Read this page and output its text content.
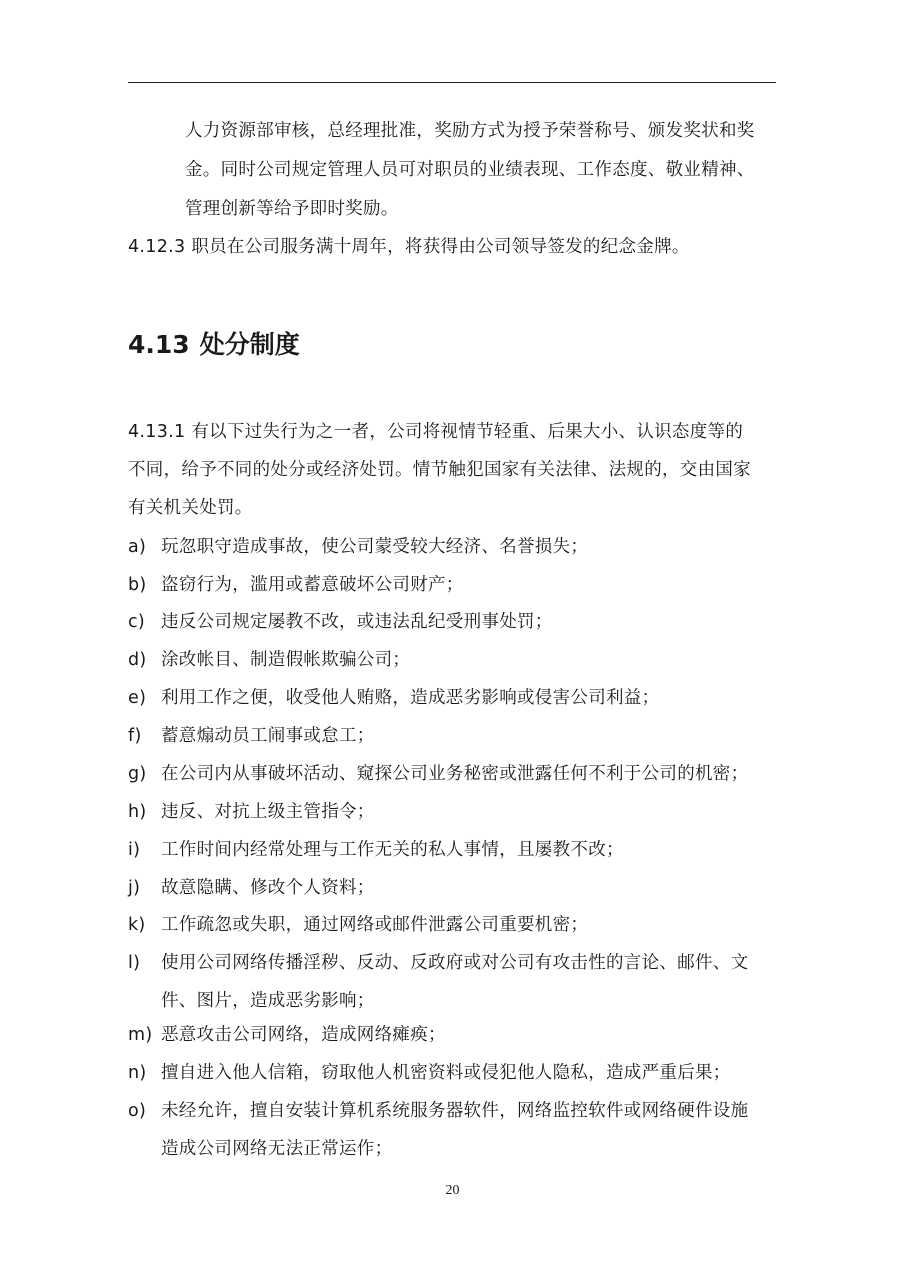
人力资源部审核，总经理批准，奖励方式为授予荣誉称号、颁发奖状和奖
金。同时公司规定管理人员可对职员的业绩表现、工作态度、敬业精神、
管理创新等给予即时奖励。
4.12.3 职员在公司服务满十周年，将获得由公司领导签发的纪念金牌。
4.13 处分制度
4.13.1 有以下过失行为之一者，公司将视情节轻重、后果大小、认识态度等的
不同，给予不同的处分或经济处罚。情节触犯国家有关法律、法规的，交由国家
有关机关处罚。
a) 玩忽职守造成事故，使公司蒙受较大经济、名誉损失；
b) 盗窃行为，滥用或蓄意破坏公司财产；
c) 违反公司规定屡教不改，或违法乱纪受刑事处罚；
d) 涂改帐目、制造假帐欺骗公司；
e) 利用工作之便，收受他人贿赂，造成恶劣影响或侵害公司利益；
f) 蓄意煽动员工闹事或怠工；
g) 在公司内从事破坏活动、窥探公司业务秘密或泄露任何不利于公司的机密；
h) 违反、对抗上级主管指令；
i) 工作时间内经常处理与工作无关的私人事情，且屡教不改；
j) 故意隐瞒、修改个人资料；
k) 工作疏忽或失职，通过网络或邮件泄露公司重要机密；
l) 使用公司网络传播淫秽、反动、反政府或对公司有攻击性的言论、邮件、文
件、图片，造成恶劣影响；
m) 恶意攻击公司网络，造成网络瘫痪；
n) 擅自进入他人信箱，窃取他人机密资料或侵犯他人隐私，造成严重后果；
o) 未经允许，擅自安装计算机系统服务器软件，网络监控软件或网络硬件设施
造成公司网络无法正常运作；
20
